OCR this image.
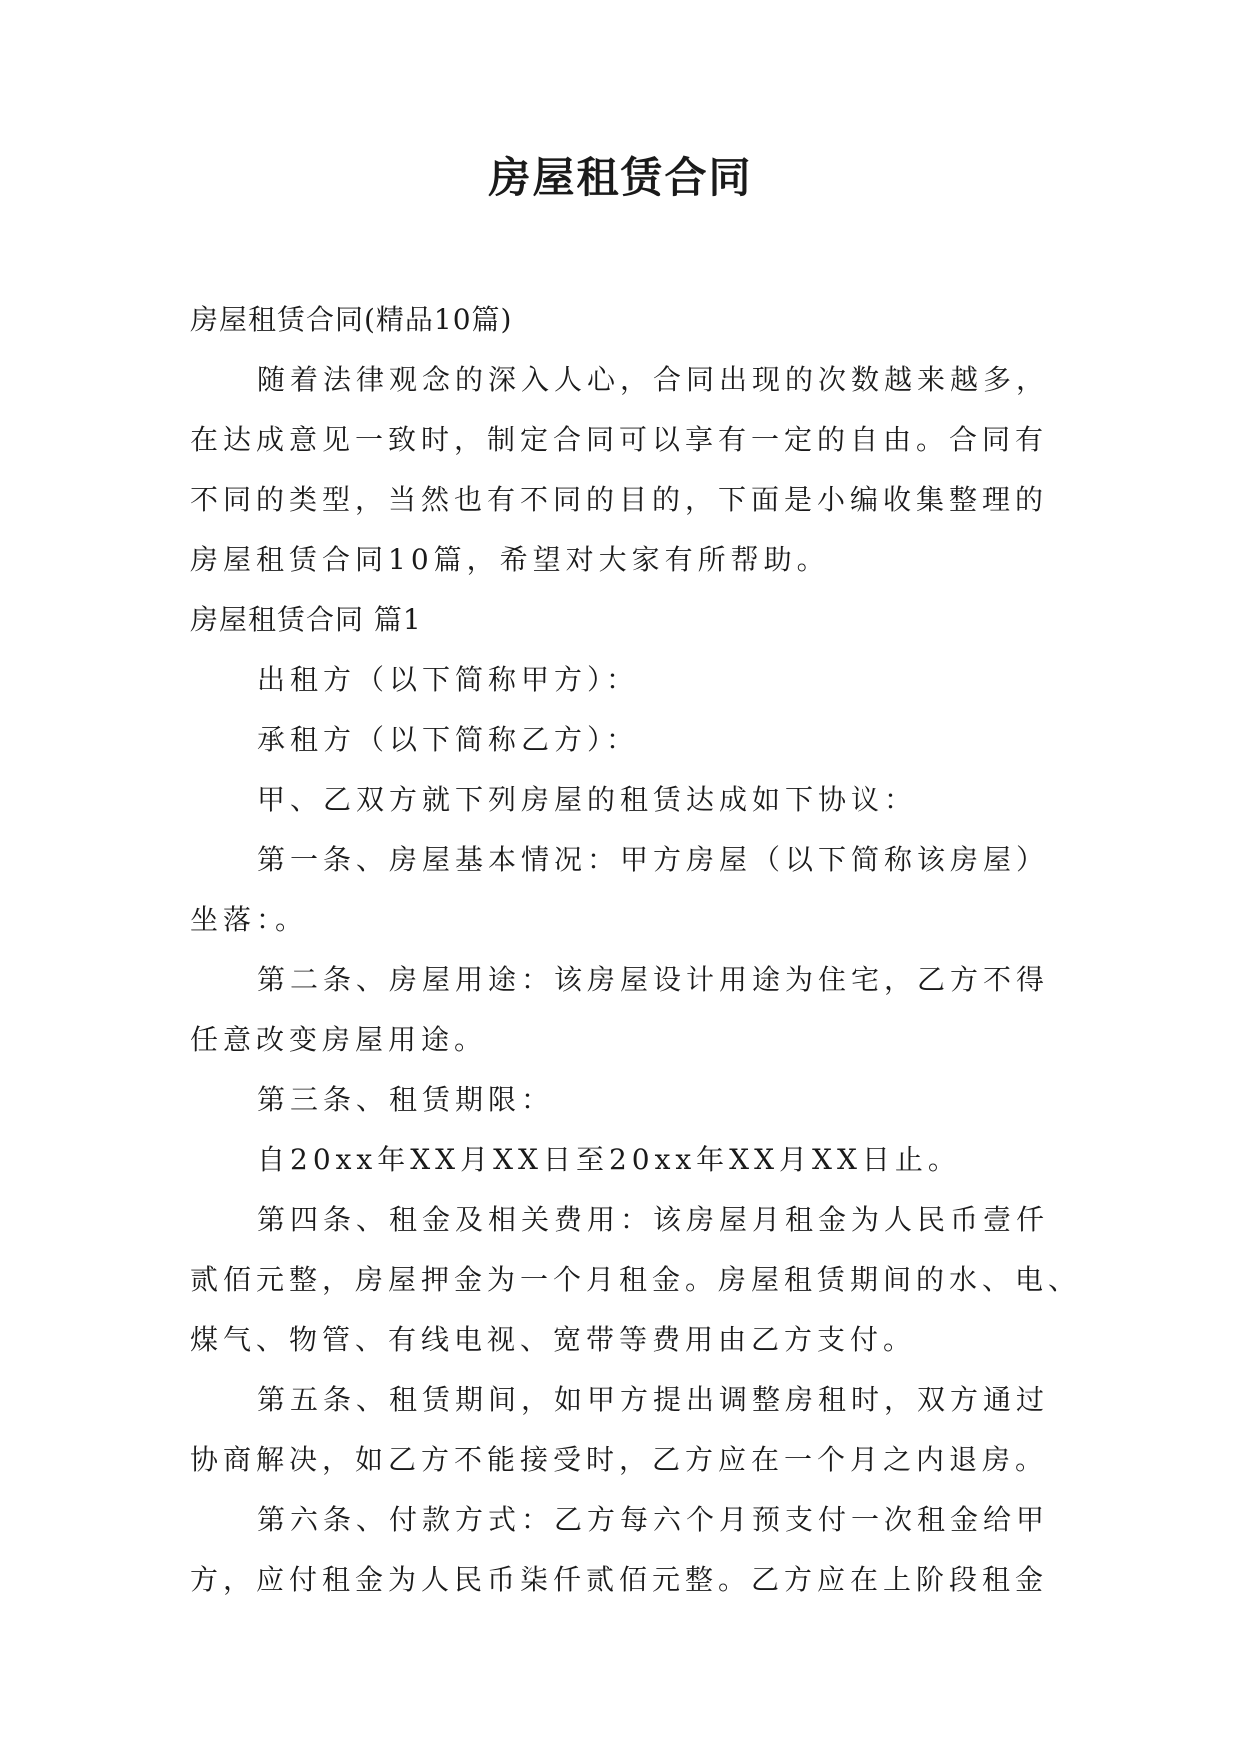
房屋租赁合同
房屋租赁合同(精品10篇)
随着法律观念的深入人心，合同出现的次数越来越多，
在达成意见一致时，制定合同可以享有一定的自由。合同有
不同的类型，当然也有不同的目的，下面是小编收集整理的
房屋租赁合同10篇，希望对大家有所帮助。
房屋租赁合同 篇1
出租方（以下简称甲方）：
承租方（以下简称乙方）：
甲、乙双方就下列房屋的租赁达成如下协议：
第一条、房屋基本情况：甲方房屋（以下简称该房屋）
坐落：。
第二条、房屋用途：该房屋设计用途为住宅，乙方不得
任意改变房屋用途。
第三条、租赁期限：
自20xx年XX月XX日至20xx年XX月XX日止。
第四条、租金及相关费用：该房屋月租金为人民币壹仟
贰佰元整，房屋押金为一个月租金。房屋租赁期间的水、电、
煤气、物管、有线电视、宽带等费用由乙方支付。
第五条、租赁期间，如甲方提出调整房租时，双方通过
协商解决，如乙方不能接受时，乙方应在一个月之内退房。
第六条、付款方式：乙方每六个月预支付一次租金给甲
方，应付租金为人民币柒仟贰佰元整。乙方应在上阶段租金
